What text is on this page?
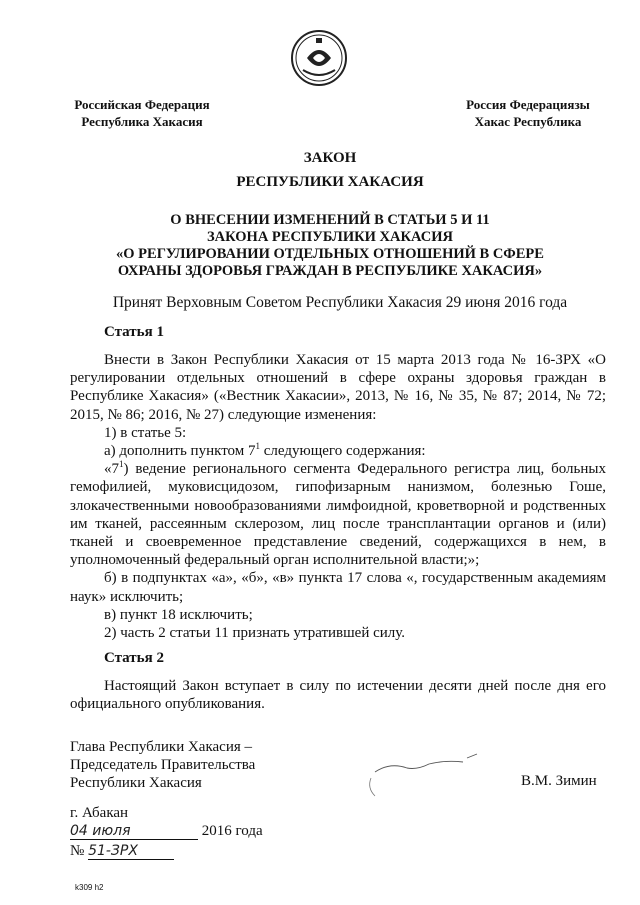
Российская Федерация
Республика Хакасия
Россия Федерациязы
Хакас Республика
ЗАКОН
РЕСПУБЛИКИ ХАКАСИЯ
О ВНЕСЕНИИ ИЗМЕНЕНИЙ В СТАТЬИ 5 И 11
ЗАКОНА РЕСПУБЛИКИ ХАКАСИЯ
«О РЕГУЛИРОВАНИИ ОТДЕЛЬНЫХ ОТНОШЕНИЙ В СФЕРЕ
ОХРАНЫ ЗДОРОВЬЯ ГРАЖДАН В РЕСПУБЛИКЕ ХАКАСИЯ»
Принят Верховным Советом Республики Хакасия 29 июня 2016 года
Статья 1

Внести в Закон Республики Хакасия от 15 марта 2013 года № 16-ЗРХ «О регулировании отдельных отношений в сфере охраны здоровья граждан в Республике Хакасия» («Вестник Хакасии», 2013, № 16, № 35, № 87; 2014, № 72; 2015, № 86; 2016, № 27) следующие изменения:

1) в статье 5:

а) дополнить пунктом $7^1$ следующего содержания:

«$7^1$) ведение регионального сегмента Федерального регистра лиц, больных гемофилией, муковисцидозом, гипофизарным нанизмом, болезнью Гоше, злокачественными новообразованиями лимфоидной, кроветворной и родственных им тканей, рассеянным склерозом, лиц после трансплантации органов и (или) тканей и своевременное представление сведений, содержащихся в нем, в уполномоченный федеральный орган исполнительной власти;»;

б) в подпунктах «а», «б», «в» пункта 17 слова «, государственным академиям наук» исключить;

в) пункт 18 исключить;

2) часть 2 статьи 11 признать утратившей силу.

Статья 2

Настоящий Закон вступает в силу по истечении десяти дней после дня его официального опубликования.

Глава Республики Хакасия –
Председатель Правительства
Республики Хакасия	В.М. Зимин
г. Абакан
04 июля	2016 года
№ 51-ЗРХ
k309 h2
